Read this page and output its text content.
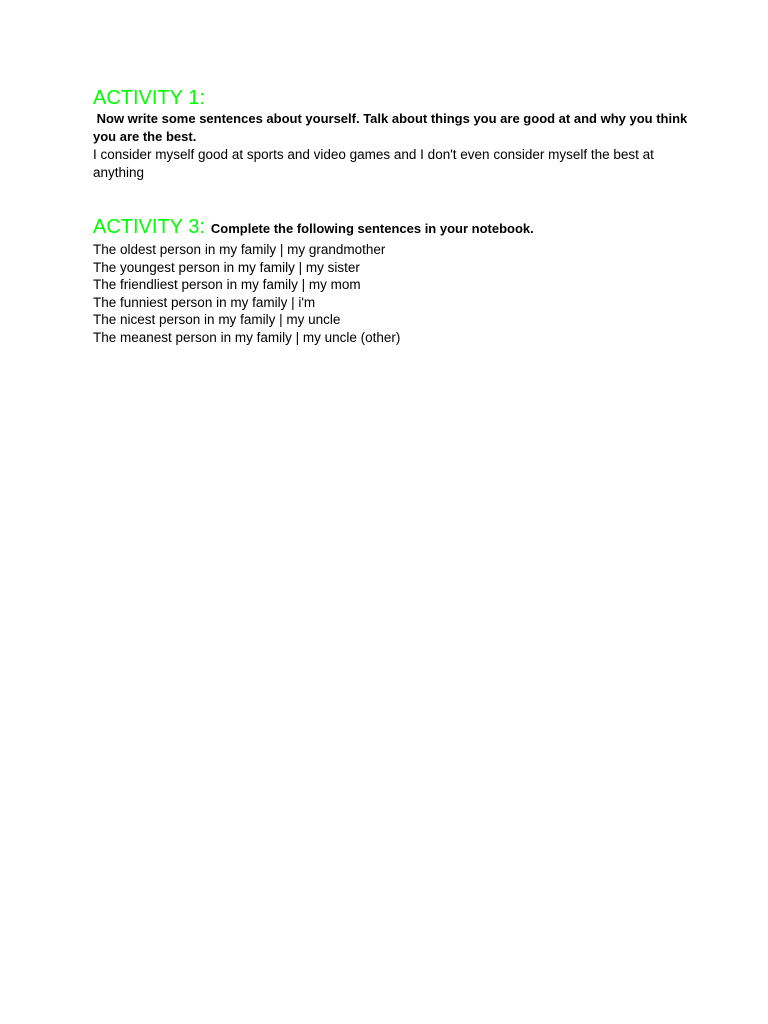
ACTIVITY 1:

Now write some sentences about yourself. Talk about things you are good at and why you think you are the best.

I consider myself good at sports and video games and I don't even consider myself the best at anything

ACTIVITY 3: Complete the following sentences in your notebook.
The oldest person in my family | my grandmother
The youngest person in my family | my sister
The friendliest person in my family | my mom
The funniest person in my family | i'm
The nicest person in my family | my uncle
The meanest person in my family | my uncle (other)
